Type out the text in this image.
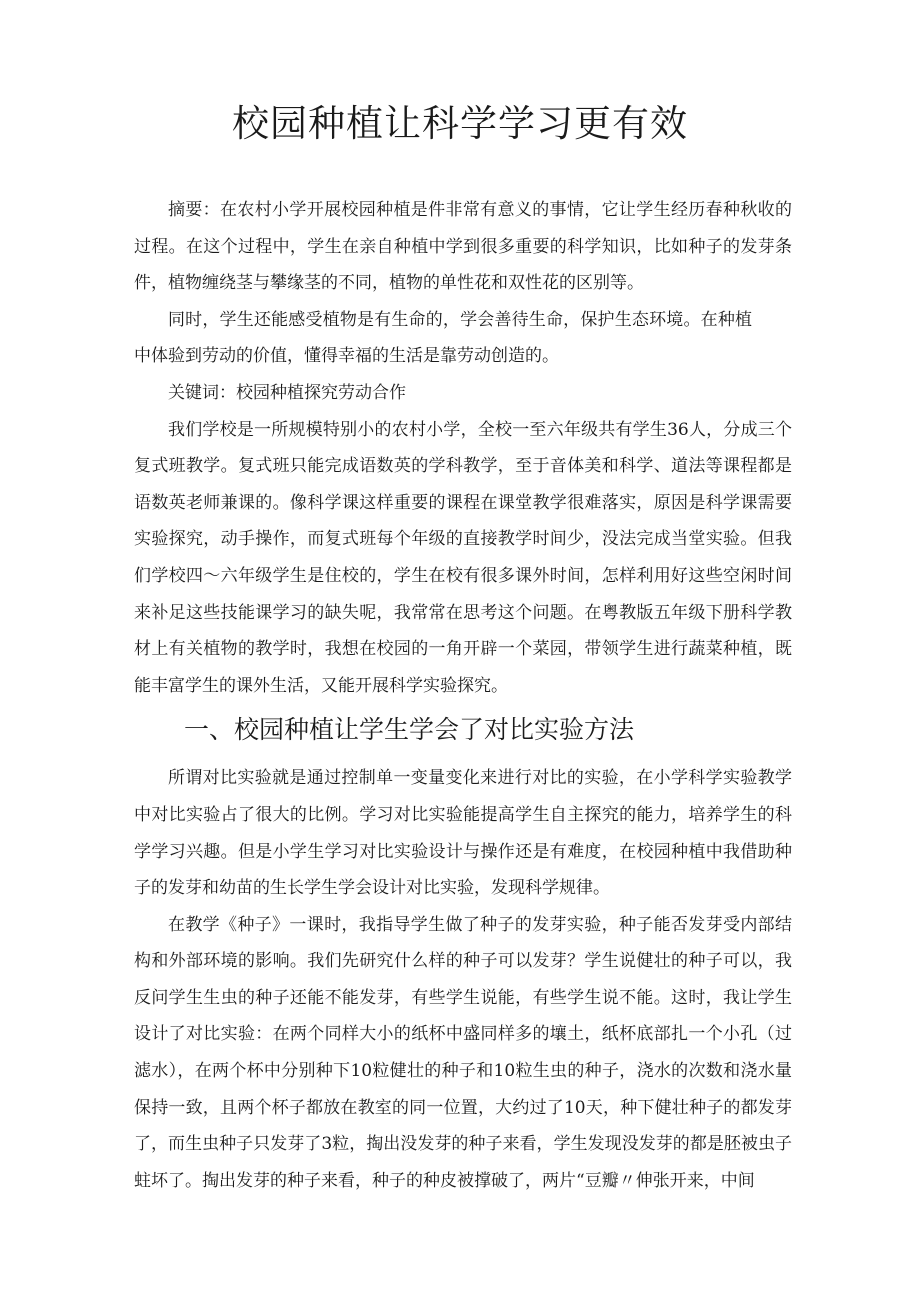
校园种植让科学学习更有效

摘要：在农村小学开展校园种植是件非常有意义的事情，它让学生经历春种秋收的过程。在这个过程中，学生在亲自种植中学到很多重要的科学知识，比如种子的发芽条件，植物缠绕茎与攀缘茎的不同，植物的单性花和双性花的区别等。

同时，学生还能感受植物是有生命的，学会善待生命，保护生态环境。在种植中体验到劳动的价值，懂得幸福的生活是靠劳动创造的。

关键词：校园种植探究劳动合作

我们学校是一所规模特别小的农村小学，全校一至六年级共有学生36人，分成三个复式班教学。复式班只能完成语数英的学科教学，至于音体美和科学、道法等课程都是语数英老师兼课的。像科学课这样重要的课程在课堂教学很难落实，原因是科学课需要实验探究，动手操作，而复式班每个年级的直接教学时间少，没法完成当堂实验。但我们学校四～六年级学生是住校的，学生在校有很多课外时间，怎样利用好这些空闲时间来补足这些技能课学习的缺失呢，我常常在思考这个问题。在粤教版五年级下册科学教材上有关植物的教学时，我想在校园的一角开辟一个菜园，带领学生进行蔬菜种植，既能丰富学生的课外生活，又能开展科学实验探究。

一、校园种植让学生学会了对比实验方法

所谓对比实验就是通过控制单一变量变化来进行对比的实验，在小学科学实验教学中对比实验占了很大的比例。学习对比实验能提高学生自主探究的能力，培养学生的科学学习兴趣。但是小学生学习对比实验设计与操作还是有难度，在校园种植中我借助种子的发芽和幼苗的生长学生学会设计对比实验，发现科学规律。

在教学《种子》一课时，我指导学生做了种子的发芽实验，种子能否发芽受内部结构和外部环境的影响。我们先研究什么样的种子可以发芽？学生说健壮的种子可以，我反问学生生虫的种子还能不能发芽，有些学生说能，有些学生说不能。这时，我让学生设计了对比实验：在两个同样大小的纸杯中盛同样多的壤土，纸杯底部扎一个小孔（过滤水），在两个杯中分别种下10粒健壮的种子和10粒生虫的种子，浇水的次数和浇水量保持一致，且两个杯子都放在教室的同一位置，大约过了10天，种下健壮种子的都发芽了，而生虫种子只发芽了3粒，掏出没发芽的种子来看，学生发现没发芽的都是胚被虫子蛀坏了。掏出发芽的种子来看，种子的种皮被撑破了，两片“豆瓣〃伸张开来，中间
